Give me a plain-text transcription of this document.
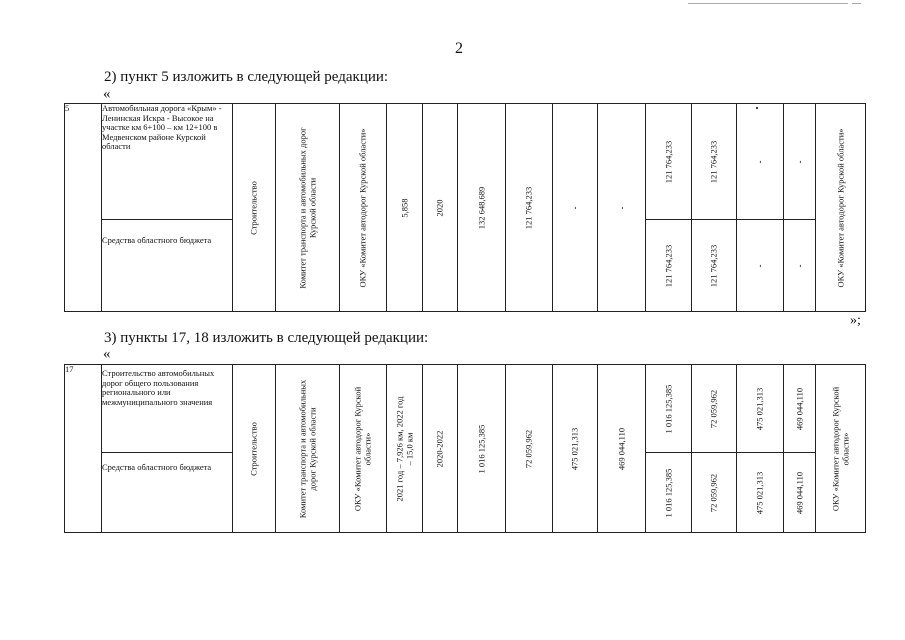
2
2) пункт 5 изложить в следующей редакции:
«
5	Автомобильная дорога «Крым» - Ленинская Искра - Высокое на участке км 6+100 – км 12+100 в Медвенском районе Курской области	Строительство	Комитет транспорта и автомобильных дорог Курской области	ОКУ «Комитет автодорог Курской области»	5,858	2020	132 648,689	121 764,233	-	-	121 764,233	121 764,233	-	-	ОКУ «Комитет автодорог Курской области»

	Средства областного бюджета										121 764,233	121 764,233	-	-	
»;
3) пункты 17, 18 изложить в следующей редакции:
«
17	Строительство автомобильных дорог общего пользования регионального или межмуниципального значения	Строительство	Комитет транспорта и автомобильных дорог Курской области	ОКУ «Комитет автодорог Курской области»	2021 год – 7,926 км, 2022 год – 15,0 км	2020-2022	1 016 125,385	72 059,962	475 021,313	469 044,110	1 016 125,385	72 059,962	475 021,313	469 044,110	ОКУ «Комитет автодорог Курской области»

	Средства областного бюджета										1 016 125,385	72 059,962	475 021,313	469 044,110	
